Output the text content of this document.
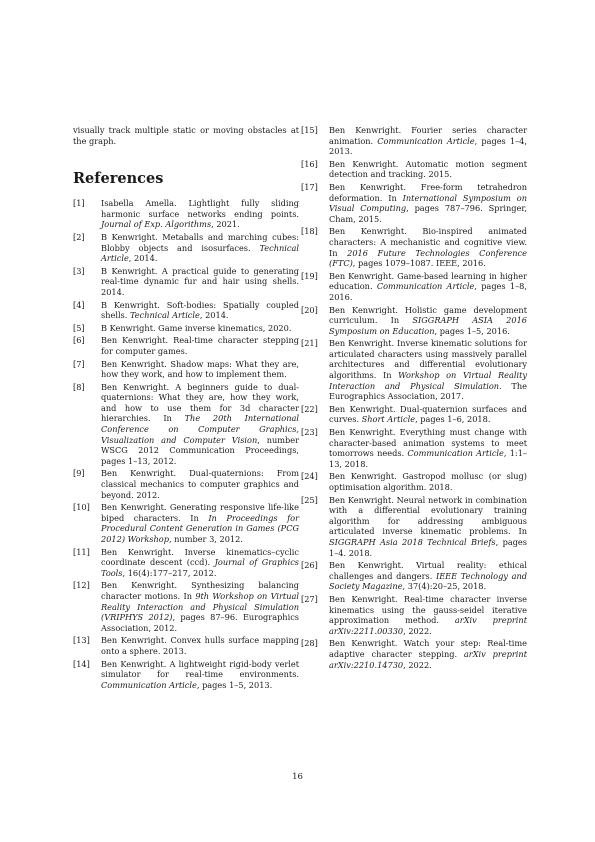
visually track multiple static or moving obstacles at the graph.

References
[1]	Isabella Amella. Lightlight fully sliding harmonic surface networks ending points. Journal of Exp. Algorithms, 2021.
[2]	B Kenwright. Metaballs and marching cubes: Blobby objects and isosurfaces. Technical Article, 2014.
[3]	B Kenwright. A practical guide to generating real-time dynamic fur and hair using shells. 2014.
[4]	B Kenwright. Soft-bodies: Spatially coupled shells. Technical Article, 2014.
[5]	B Kenwright. Game inverse kinematics, 2020.
[6]	Ben Kenwright. Real-time character stepping for computer games.
[7]	Ben Kenwright. Shadow maps: What they are, how they work, and how to implement them.
[8]	Ben Kenwright. A beginners guide to dual-quaternions: What they are, how they work, and how to use them for 3d character hierarchies. In The 20th International Conference on Computer Graphics, Visualization and Computer Vision, number WSCG 2012 Communication Proceedings, pages 1–13, 2012.
[9]	Ben Kenwright. Dual-quaternions: From classical mechanics to computer graphics and beyond. 2012.
[10]	Ben Kenwright. Generating responsive life-like biped characters. In In Proceedings for Procedural Content Generation in Games (PCG 2012) Workshop, number 3, 2012.
[11]	Ben Kenwright. Inverse kinematics–cyclic coordinate descent (ccd). Journal of Graphics Tools, 16(4):177–217, 2012.
[12]	Ben Kenwright. Synthesizing balancing character motions. In 9th Workshop on Virtual Reality Interaction and Physical Simulation (VRIPHYS 2012), pages 87–96. Eurographics Association, 2012.
[13]	Ben Kenwright. Convex hulls surface mapping onto a sphere. 2013.
[14]	Ben Kenwright. A lightweight rigid-body verlet simulator for real-time environments. Communication Article, pages 1–5, 2013.
[15]	Ben Kenwright. Fourier series character animation. Communication Article, pages 1–4, 2013.
[16]	Ben Kenwright. Automatic motion segment detection and tracking. 2015.
[17]	Ben Kenwright. Free-form tetrahedron deformation. In International Symposium on Visual Computing, pages 787–796. Springer, Cham, 2015.
[18]	Ben Kenwright. Bio-inspired animated characters: A mechanistic and cognitive view. In 2016 Future Technologies Conference (FTC), pages 1079–1087. IEEE, 2016.
[19]	Ben Kenwright. Game-based learning in higher education. Communication Article, pages 1–8, 2016.
[20]	Ben Kenwright. Holistic game development curriculum. In SIGGRAPH ASIA 2016 Symposium on Education, pages 1–5, 2016.
[21]	Ben Kenwright. Inverse kinematic solutions for articulated characters using massively parallel architectures and differential evolutionary algorithms. In Workshop on Virtual Reality Interaction and Physical Simulation. The Eurographics Association, 2017.
[22]	Ben Kenwright. Dual-quaternion surfaces and curves. Short Article, pages 1–6, 2018.
[23]	Ben Kenwright. Everything must change with character-based animation systems to meet tomorrows needs. Communication Article, 1:1–13, 2018.
[24]	Ben Kenwright. Gastropod mollusc (or slug) optimisation algorithm. 2018.
[25]	Ben Kenwright. Neural network in combination with a differential evolutionary training algorithm for addressing ambiguous articulated inverse kinematic problems. In SIGGRAPH Asia 2018 Technical Briefs, pages 1–4. 2018.
[26]	Ben Kenwright. Virtual reality: ethical challenges and dangers. IEEE Technology and Society Magazine, 37(4):20–25, 2018.
[27]	Ben Kenwright. Real-time character inverse kinematics using the gauss-seidel iterative approximation method. arXiv preprint arXiv:2211.00330, 2022.
[28]	Ben Kenwright. Watch your step: Real-time adaptive character stepping. arXiv preprint arXiv:2210.14730, 2022.
16
